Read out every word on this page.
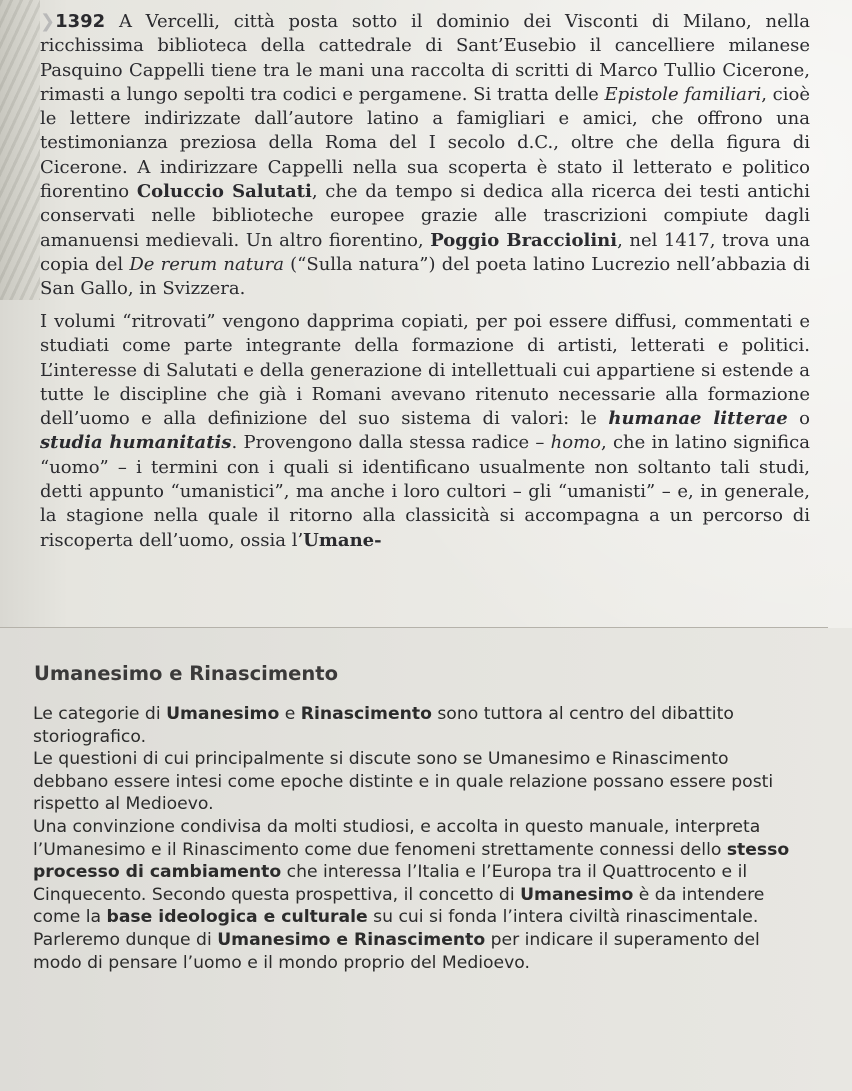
❯1392 A Vercelli, città posta sotto il dominio dei Visconti di Milano, nella ricchissima biblioteca della cattedrale di Sant’Eusebio il cancelliere milanese Pasquino Cappelli tiene tra le mani una raccolta di scritti di Marco Tullio Cicerone, rimasti a lungo sepolti tra codici e pergamene. Si tratta delle Epistole familiari, cioè le lettere indirizzate dall’autore latino a famigliari e amici, che offrono una testimonianza preziosa della Roma del I secolo d.C., oltre che della figura di Cicerone. A indirizzare Cappelli nella sua scoperta è stato il letterato e politico fiorentino Coluccio Salutati, che da tempo si dedica alla ricerca dei testi antichi conservati nelle biblioteche europee grazie alle trascrizioni compiute dagli amanuensi medievali. Un altro fiorentino, Poggio Bracciolini, nel 1417, trova una copia del De rerum natura (“Sulla natura”) del poeta latino Lucrezio nell’abbazia di San Gallo, in Svizzera.

I volumi “ritrovati” vengono dapprima copiati, per poi essere diffusi, commentati e studiati come parte integrante della formazione di artisti, letterati e politici. L’interesse di Salutati e della generazione di intellettuali cui appartiene si estende a tutte le discipline che già i Romani avevano ritenuto necessarie alla formazione dell’uomo e alla definizione del suo sistema di valori: le humanae litterae o studia humanitatis. Provengono dalla stessa radice – homo, che in latino significa “uomo” – i termini con i quali si identificano usualmente non soltanto tali studi, detti appunto “umanistici”, ma anche i loro cultori – gli “umanisti” – e, in generale, la stagione nella quale il ritorno alla classicità si accompagna a un percorso di riscoperta dell’uomo, ossia l’Umane-

Umanesimo e Rinascimento

Le categorie di Umanesimo e Rinascimento sono tuttora al centro del dibattito storiografico.

Le questioni di cui principalmente si discute sono se Umanesimo e Rinascimento debbano essere intesi come epoche distinte e in quale relazione possano essere posti rispetto al Medioevo.

Una convinzione condivisa da molti studiosi, e accolta in questo manuale, interpreta l’Umanesimo e il Rinascimento come due fenomeni strettamente connessi dello stesso processo di cambiamento che interessa l’Italia e l’Europa tra il Quattrocento e il Cinquecento. Secondo questa prospettiva, il concetto di Umanesimo è da intendere come la base ideologica e culturale su cui si fonda l’intera civiltà rinascimentale. Parleremo dunque di Umanesimo e Rinascimento per indicare il superamento del modo di pensare l’uomo e il mondo proprio del Medioevo.
